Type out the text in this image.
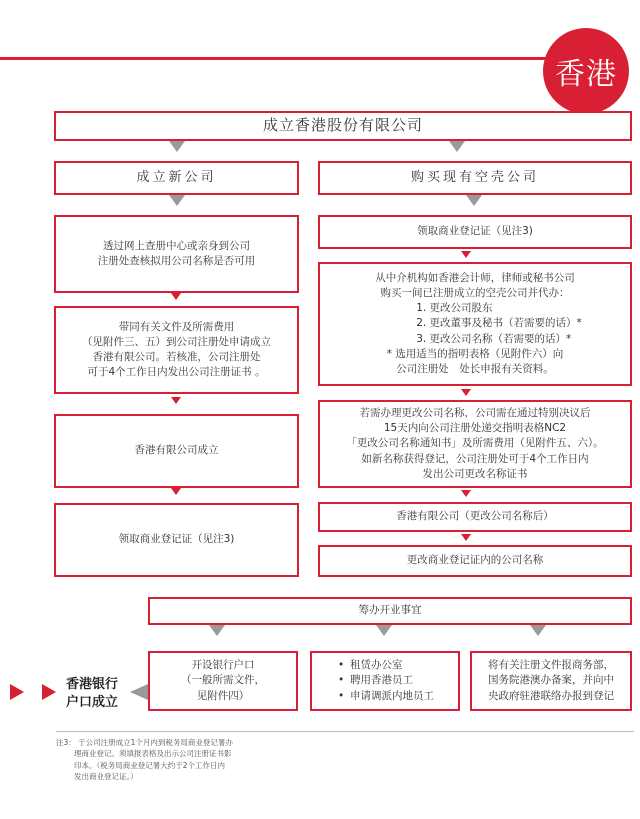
香港
成立香港股份有限公司
成立新公司	购买现有空壳公司
透过网上查册中心或亲身到公司
注册处查核拟用公司名称是否可用
带同有关文件及所需费用
（见附件三、五）到公司注册处申请成立
香港有限公司。若核准，公司注册处
可于4个工作日内发出公司注册证书 。
香港有限公司成立
领取商业登记证（见注3)
领取商业登记证（见注3)
从中介机构如香港会计师，律师或秘书公司
购买一间已注册成立的空壳公司并代办：
1. 更改公司股东
2. 更改董事及秘书（若需要的话）*
3. 更改公司名称（若需要的话）*
* 选用适当的指明表格（见附件六）向
公司注册处　处长申报有关资料。
若需办理更改公司名称，公司需在通过特别决议后
15天内向公司注册处递交指明表格NC2
「更改公司名称通知书」及所需费用（见附件五、六）。
如新名称获得登记，公司注册处可于4个工作日内
发出公司更改名称证书
香港有限公司（更改公司名称后）
更改商业登记证内的公司名称
筹办开业事宜
开设银行户口
（一般所需文件，
见附件四）
• 租赁办公室
• 聘用香港员工
• 申请调派内地员工
将有关注册文件报商务部，
国务院港澳办备案，并向中
央政府驻港联络办报到登记
香港银行
户口成立
注3： 于公司注册成立1个月内到税务局商业登记署办
理商业登记。须填报表格及出示公司注册证书影
印本。（税务局商业登记署大约于2个工作日内
发出商业登记证。）
